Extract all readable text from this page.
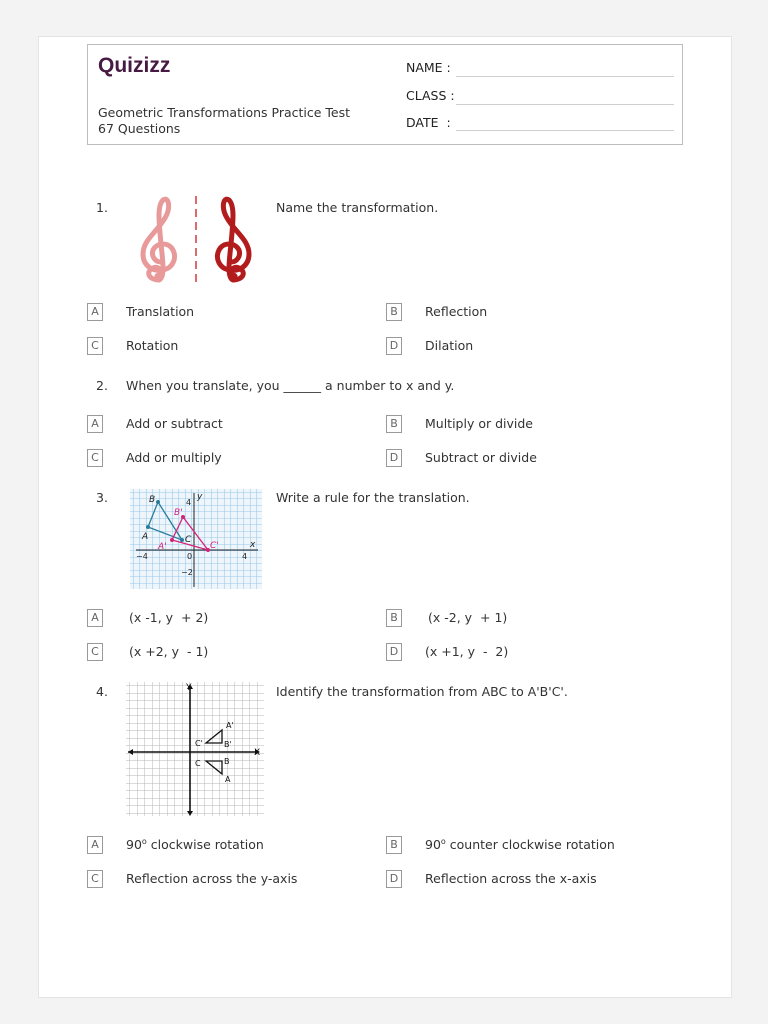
Quizizz
Geometric Transformations Practice Test
67 Questions
NAME :
CLASS :
DATE  :
1.	Name the transformation.
A	Translation	B	Reflection
C	Rotation	D	Dilation
2. When you translate, you ______ a number to x and y.
A	Add or subtract	B	Multiply or divide
C	Add or multiply	D	Subtract or divide
3.	B
B'
A
A'
C
C'	x
y
4
−4	0
−2
4
Write a rule for the translation.
A	(x -1, y  + 2)	B	(x -2, y  + 1)
C	(x +2, y  - 1)	D	(x +1, y  -  2)
4.	Y
X
A'
C'	B'
C	B
A
Identify the transformation from ABC to A'B'C'.
A	90$^o$ clockwise rotation	B	90$^o$ counter clockwise rotation
C	Reflection across the y-axis	D	Reflection across the x-axis
